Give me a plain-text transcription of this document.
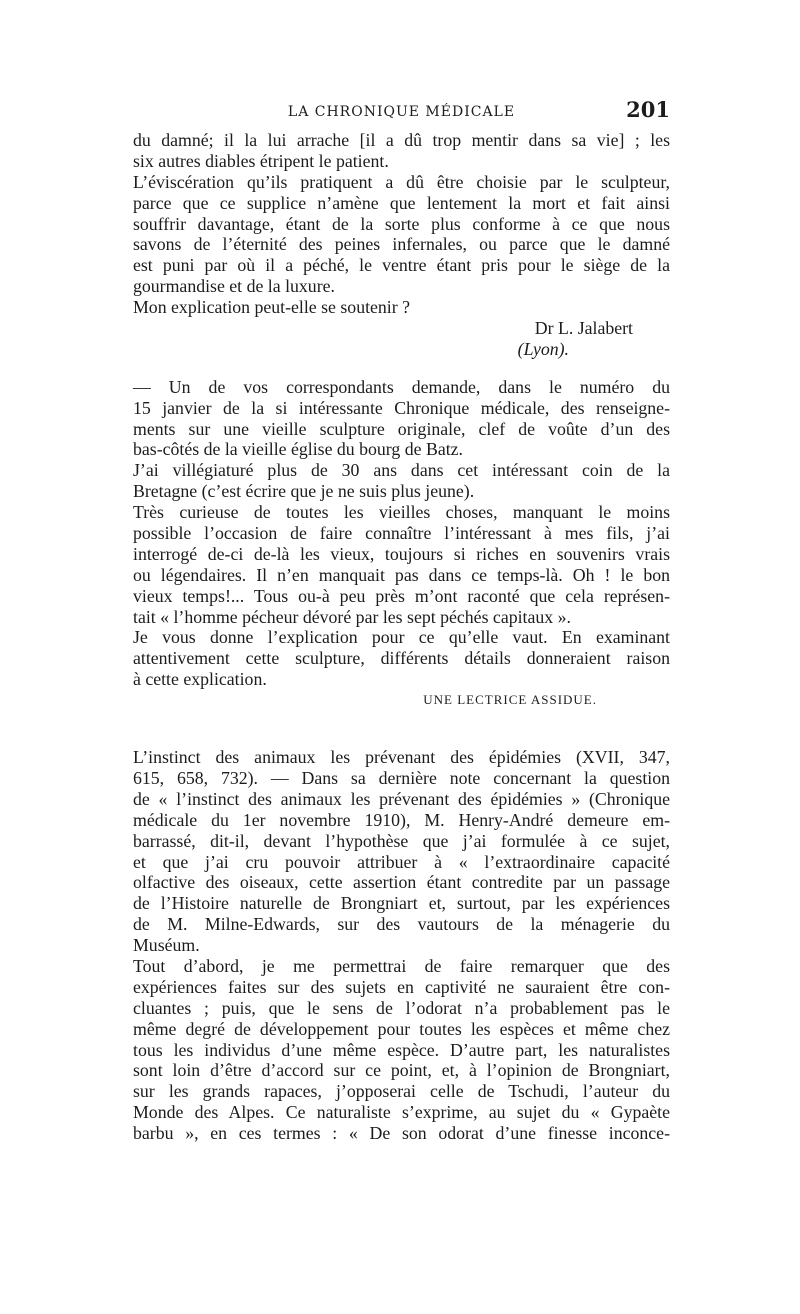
LA CHRONIQUE MÉDICALE	201

du damné; il la lui arrache [il a dû trop mentir dans sa vie] ; les
six autres diables étripent le patient.

L’éviscération qu’ils pratiquent a dû être choisie par le sculpteur,
parce que ce supplice n’amène que lentement la mort et fait ainsi
souffrir davantage, étant de la sorte plus conforme à ce que nous
savons de l’éternité des peines infernales, ou parce que le damné
est puni par où il a péché, le ventre étant pris pour le siège de la
gourmandise et de la luxure.

Mon explication peut-elle se soutenir ?

Dr L. Jalabert
(Lyon).

— Un de vos correspondants demande, dans le numéro du
15 janvier de la si intéressante Chronique médicale, des renseigne-
ments sur une vieille sculpture originale, clef de voûte d’un des
bas-côtés de la vieille église du bourg de Batz.

J’ai villégiaturé plus de 30 ans dans cet intéressant coin de la
Bretagne (c’est écrire que je ne suis plus jeune).

Très curieuse de toutes les vieilles choses, manquant le moins
possible l’occasion de faire connaître l’intéressant à mes fils, j’ai
interrogé de-ci de-là les vieux, toujours si riches en souvenirs vrais
ou légendaires. Il n’en manquait pas dans ce temps-là. Oh ! le bon
vieux temps!... Tous ou-à peu près m’ont raconté que cela représen-
tait « l’homme pécheur dévoré par les sept péchés capitaux ».

Je vous donne l’explication pour ce qu’elle vaut. En examinant
attentivement cette sculpture, différents détails donneraient raison
à cette explication.

UNE LECTRICE ASSIDUE.

L’instinct des animaux les prévenant des épidémies (XVII, 347,
615, 658, 732). — Dans sa dernière note concernant la question
de « l’instinct des animaux les prévenant des épidémies » (Chronique
médicale du 1er novembre 1910), M. Henry-André demeure em-
barrassé, dit-il, devant l’hypothèse que j’ai formulée à ce sujet,
et que j’ai cru pouvoir attribuer à « l’extraordinaire capacité
olfactive des oiseaux, cette assertion étant contredite par un passage
de l’Histoire naturelle de Brongniart et, surtout, par les expériences
de M. Milne-Edwards, sur des vautours de la ménagerie du
Muséum.

Tout d’abord, je me permettrai de faire remarquer que des
expériences faites sur des sujets en captivité ne sauraient être con-
cluantes ; puis, que le sens de l’odorat n’a probablement pas le
même degré de développement pour toutes les espèces et même chez
tous les individus d’une même espèce. D’autre part, les naturalistes
sont loin d’être d’accord sur ce point, et, à l’opinion de Brongniart,
sur les grands rapaces, j’opposerai celle de Tschudi, l’auteur du
Monde des Alpes. Ce naturaliste s’exprime, au sujet du « Gypaète
barbu », en ces termes : « De son odorat d’une finesse inconce-
